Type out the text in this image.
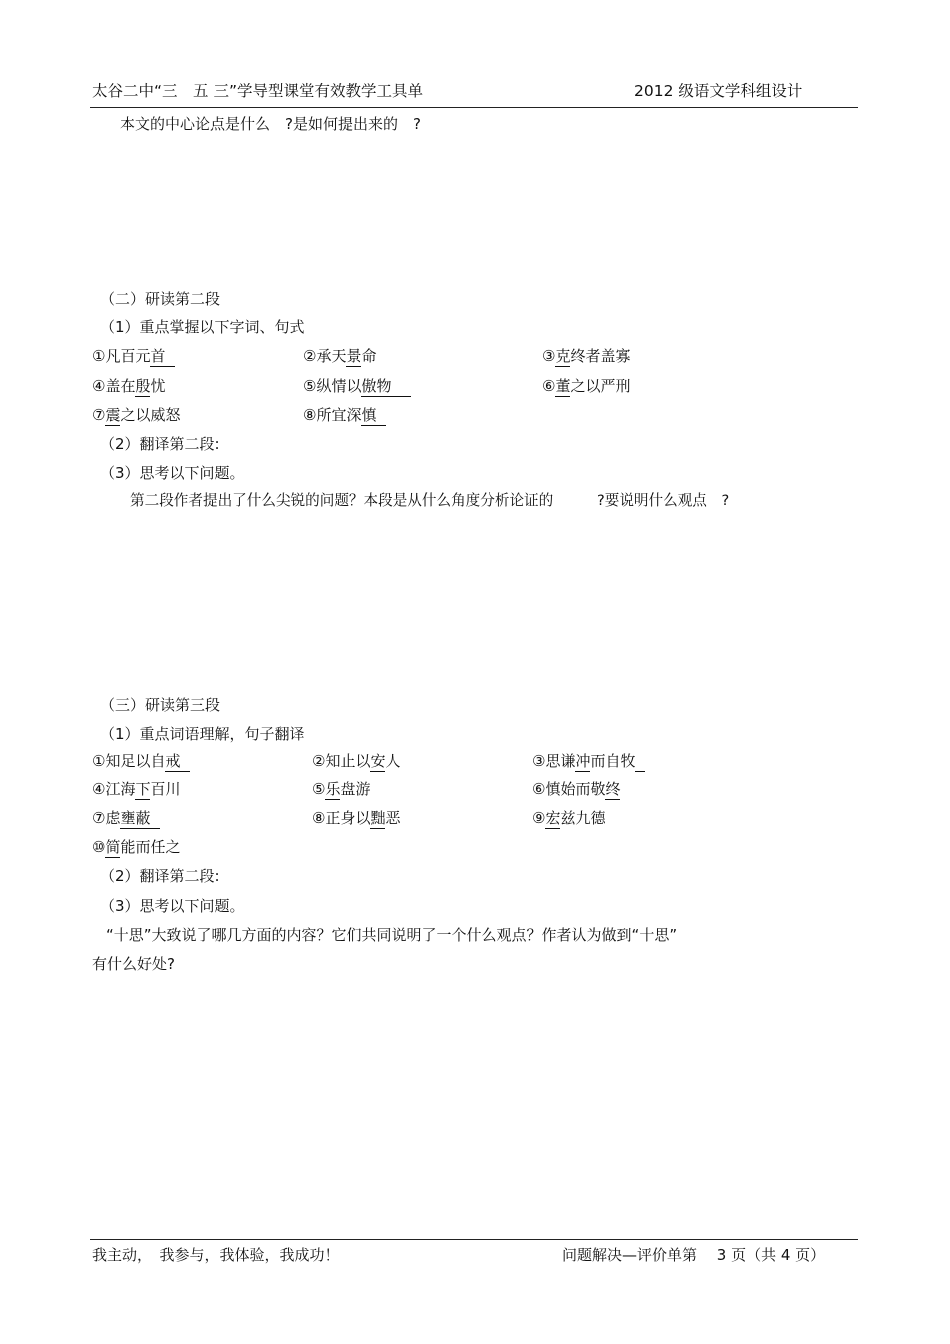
太谷二中“三　五 三”学导型课堂有效教学工具单	2012 级语文学科组设计
本文的中心论点是什么　?是如何提出来的　?
（二）研读第二段
（1）重点掌握以下字词、句式
①凡百元首	②承天景命	③克终者盖寡
④盖在殷忧	⑤纵情以傲物	⑥董之以严刑
⑦震之以威怒	⑧所宜深慎
（2）翻译第二段:
（3）思考以下问题。
第二段作者提出了什么尖锐的问题？本段是从什么角度分析论证的　　　?要说明什么观点　?
（三）研读第三段
（1）重点词语理解，句子翻译
①知足以自戒	②知止以安人	③思谦冲而自牧
④江海下百川	⑤乐盘游	⑥慎始而敬终
⑦虑壅蔽	⑧正身以黜恶	⑨宏兹九德
⑩简能而任之
（2）翻译第二段:
（3）思考以下问题。
“十思”大致说了哪几方面的内容？它们共同说明了一个什么观点？作者认为做到“十思”
有什么好处?
我主动，　我参与，我体验，我成功！	问题解决—评价单第　 3 页（共 4 页）
